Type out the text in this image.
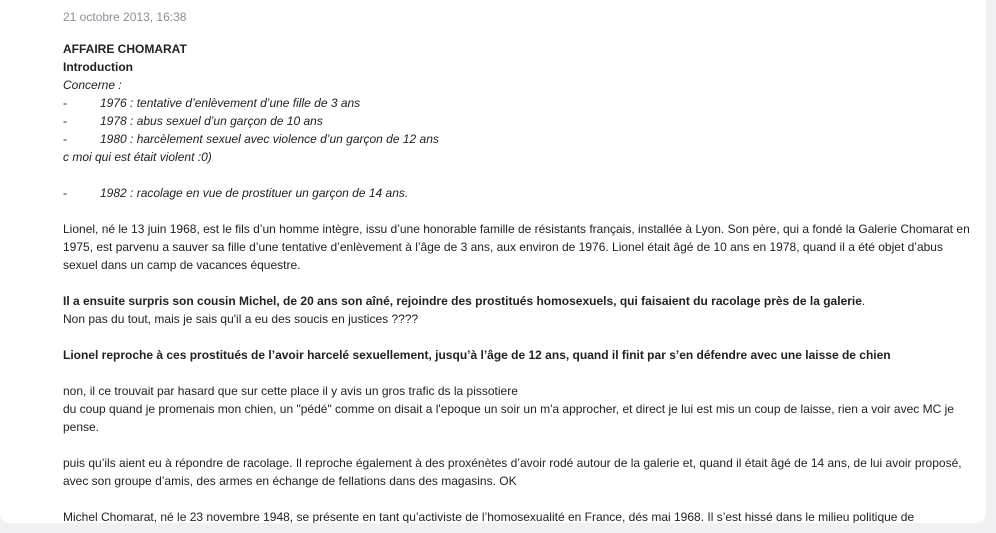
21 octobre 2013, 16:38
AFFAIRE CHOMARAT
Introduction
Concerne :
-	1976 : tentative d’enlèvement d’une fille de 3 ans
-	1978 : abus sexuel d’un garçon de 10 ans
-	1980 : harcèlement sexuel avec violence d’un garçon de 12 ans
c moi qui est était violent :0)
-	1982 : racolage en vue de prostituer un garçon de 14 ans.

Lionel, né le 13 juin 1968, est le fils d’un homme intègre, issu d’une honorable famille de résistants français, installée à Lyon. Son père, qui a fondé la Galerie Chomarat en 1975, est parvenu a sauver sa fille d’une tentative d’enlèvement à l’âge de 3 ans, aux environ de 1976. Lionel était âgé de 10 ans en 1978, quand il a été objet d’abus sexuel dans un camp de vacances équestre.

Il a ensuite surpris son cousin Michel, de 20 ans son aîné, rejoindre des prostitués homosexuels, qui faisaient du racolage près de la galerie.
Non pas du tout, mais je sais qu'il a eu des soucis en justices ????
Lionel reproche à ces prostitués de l’avoir harcelé sexuellement, jusqu’à l’âge de 12 ans, quand il finit par s’en défendre avec une laisse de chien
non, il ce trouvait par hasard que sur cette place il y avis un gros trafic ds la pissotiere

du coup quand je promenais mon chien, un "pédé" comme on disait a l'epoque un soir un m'a approcher, et direct je lui est mis un coup de laisse, rien a voir avec MC je pense.

puis qu’ils aient eu à répondre de racolage. Il reproche également à des proxénètes d’avoir rodé autour de la galerie et, quand il était âgé de 14 ans, de lui avoir proposé, avec son groupe d’amis, des armes en échange de fellations dans des magasins. OK

Michel Chomarat, né le 23 novembre 1948, se présente en tant qu’activiste de l’homosexualité en France, dés mai 1968. Il s’est hissé dans le milieu politique de
